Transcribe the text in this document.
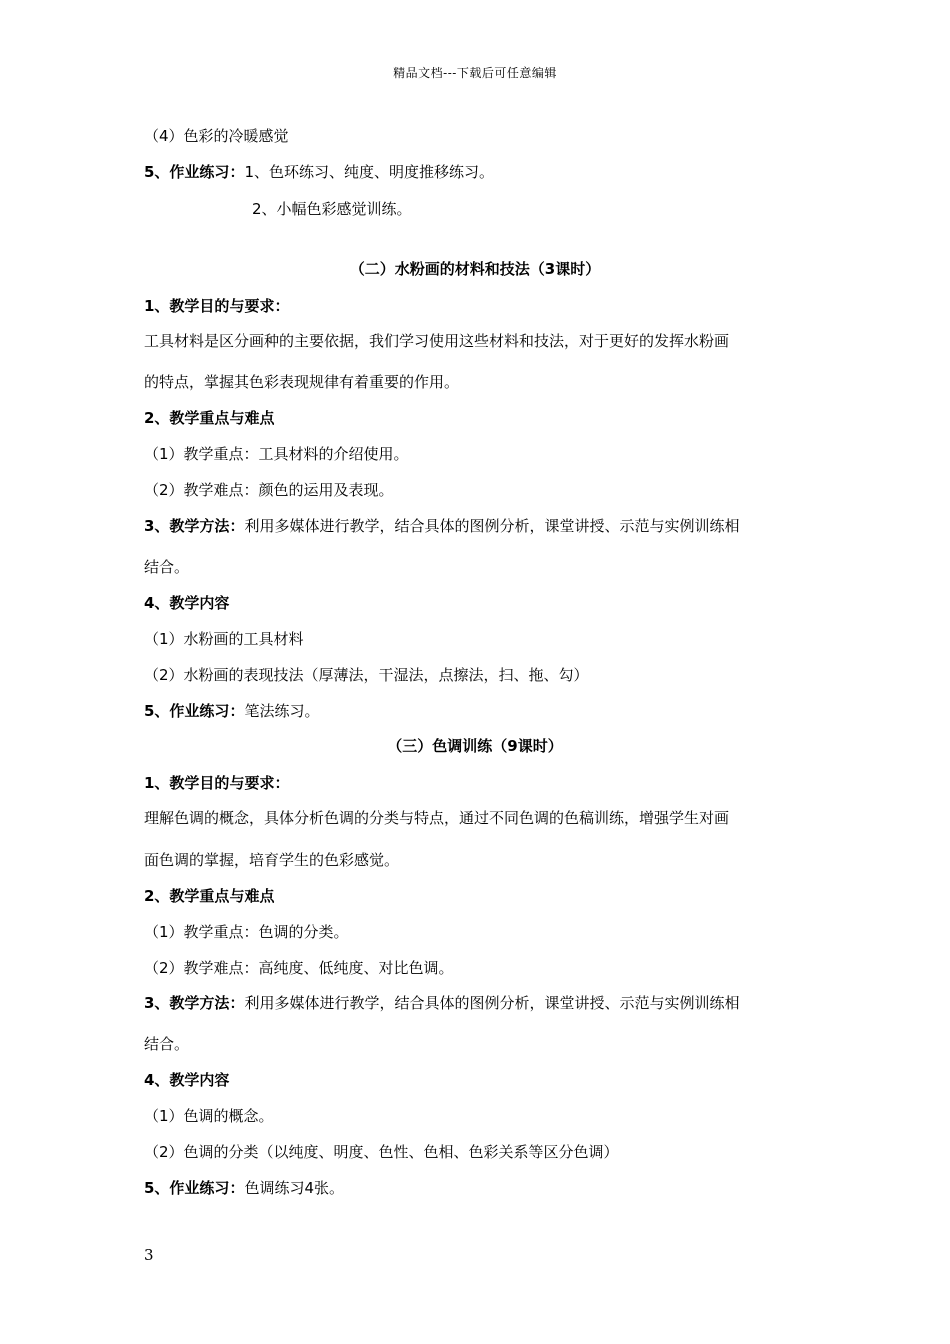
精品文档---下载后可任意编辑
（4）色彩的冷暖感觉
5、作业练习：1、色环练习、纯度、明度推移练习。
2、小幅色彩感觉训练。
（二）水粉画的材料和技法（3课时）
1、教学目的与要求：
工具材料是区分画种的主要依据，我们学习使用这些材料和技法，对于更好的发挥水粉画
的特点，掌握其色彩表现规律有着重要的作用。
2、教学重点与难点
（1）教学重点：工具材料的介绍使用。
（2）教学难点：颜色的运用及表现。
3、教学方法：利用多媒体进行教学，结合具体的图例分析，课堂讲授、示范与实例训练相
结合。
4、教学内容
（1）水粉画的工具材料
（2）水粉画的表现技法（厚薄法，干湿法，点擦法，扫、拖、勾）
5、作业练习：笔法练习。
（三）色调训练（9课时）
1、教学目的与要求：
理解色调的概念，具体分析色调的分类与特点，通过不同色调的色稿训练，增强学生对画
面色调的掌握，培育学生的色彩感觉。
2、教学重点与难点
（1）教学重点：色调的分类。
（2）教学难点：高纯度、低纯度、对比色调。
3、教学方法：利用多媒体进行教学，结合具体的图例分析，课堂讲授、示范与实例训练相
结合。
4、教学内容
（1）色调的概念。
（2）色调的分类（以纯度、明度、色性、色相、色彩关系等区分色调）
5、作业练习：色调练习4张。
3
